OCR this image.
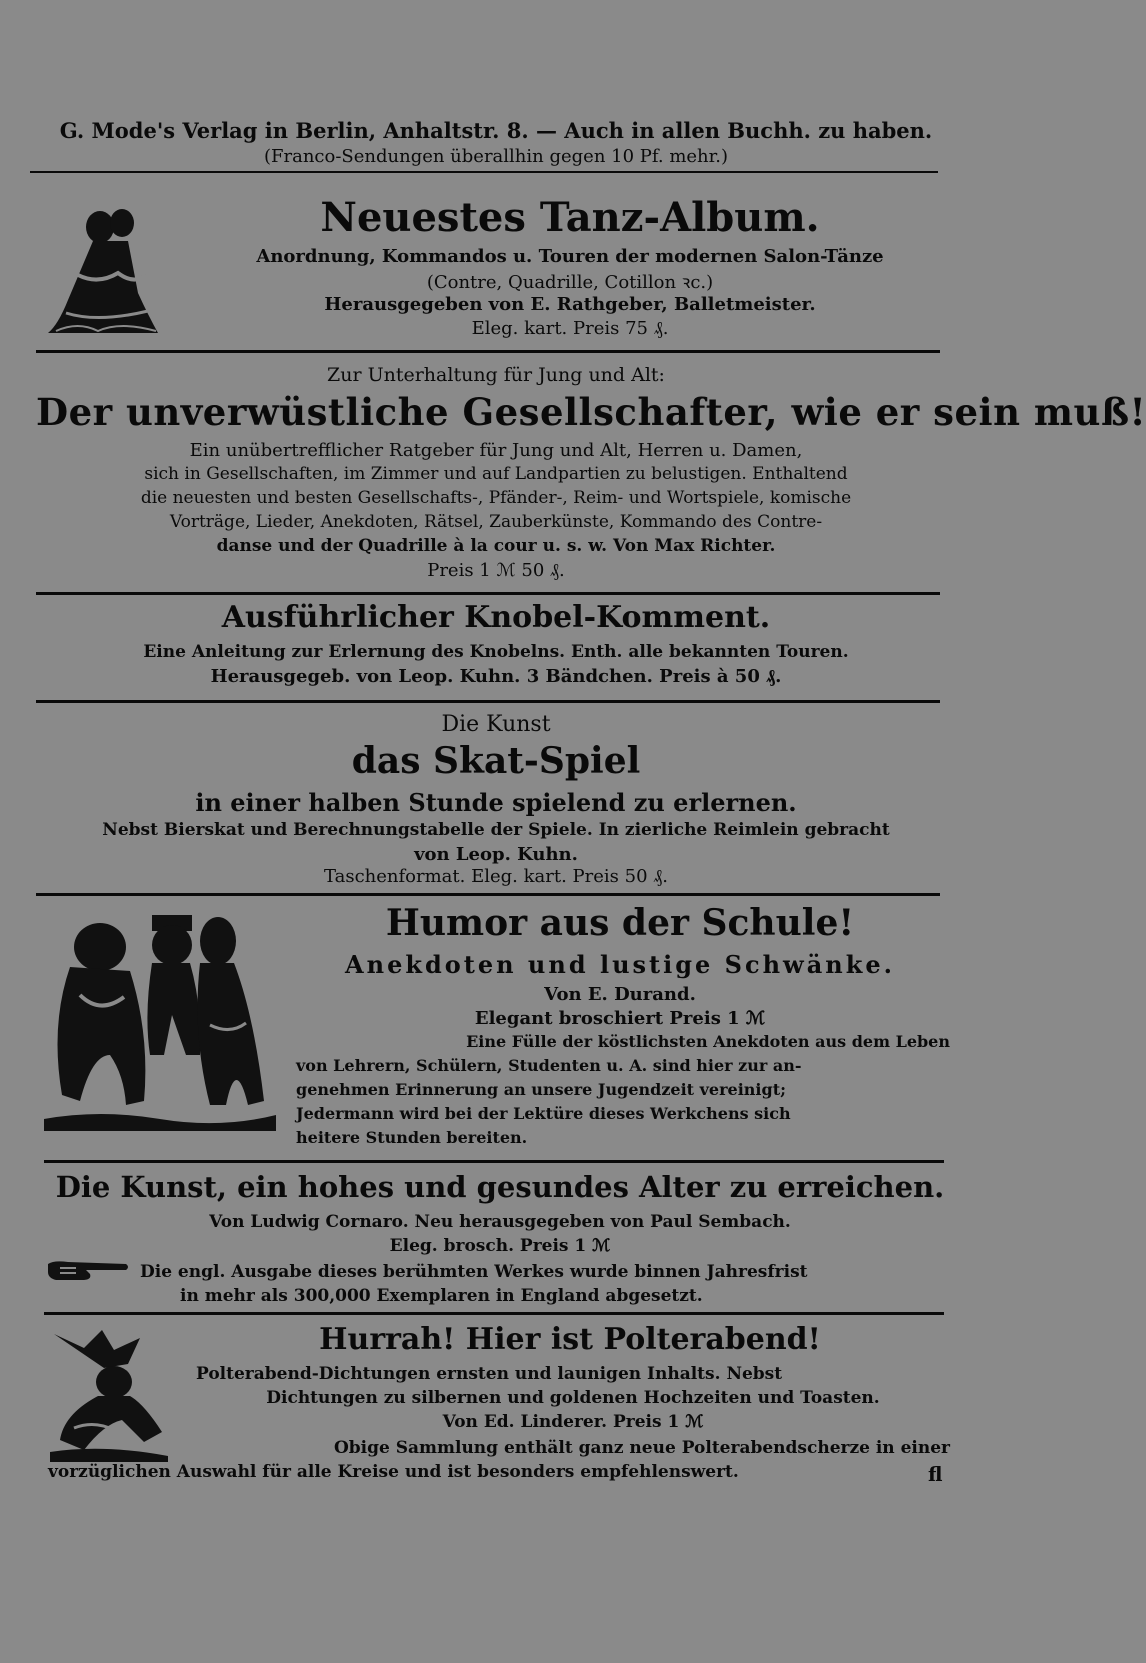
G. Mode's Verlag in Berlin, Anhaltstr. 8. — Auch in allen Buchh. zu haben.
(Franco-Sendungen überallhin gegen 10 Pf. mehr.)
Neuestes Tanz-Album.
Anordnung, Kommandos u. Touren der modernen Salon-Tänze
(Contre, Quadrille, Cotillon ꝛc.)
Herausgegeben von E. Rathgeber, Balletmeister.
Eleg. kart. Preis 75 ₰.
Zur Unterhaltung für Jung und Alt:
Der unverwüstliche Gesellschafter, wie er sein muß!
Ein unübertrefflicher Ratgeber für Jung und Alt, Herren u. Damen,
sich in Gesellschaften, im Zimmer und auf Landpartien zu belustigen. Enthaltend
die neuesten und besten Gesellschafts-, Pfänder-, Reim- und Wortspiele, komische
Vorträge, Lieder, Anekdoten, Rätsel, Zauberkünste, Kommando des Contre-
danse und der Quadrille à la cour u. s. w. Von Max Richter.
Preis 1 ℳ 50 ₰.
Ausführlicher Knobel-Komment.
Eine Anleitung zur Erlernung des Knobelns. Enth. alle bekannten Touren.
Herausgegeb. von Leop. Kuhn. 3 Bändchen. Preis à 50 ₰.
Die Kunst
das Skat-Spiel
in einer halben Stunde spielend zu erlernen.
Nebst Bierskat und Berechnungstabelle der Spiele. In zierliche Reimlein gebracht
von Leop. Kuhn.
Taschenformat. Eleg. kart. Preis 50 ₰.
Humor aus der Schule!
Anekdoten und lustige Schwänke.
Von E. Durand.
Elegant broschiert Preis 1 ℳ
Eine Fülle der köstlichsten Anekdoten aus dem Leben
von Lehrern, Schülern, Studenten u. A. sind hier zur an-
genehmen Erinnerung an unsere Jugendzeit vereinigt;
Jedermann wird bei der Lektüre dieses Werkchens sich
heitere Stunden bereiten.
Die Kunst, ein hohes und gesundes Alter zu erreichen.
Von Ludwig Cornaro. Neu herausgegeben von Paul Sembach.
Eleg. brosch. Preis 1 ℳ
Die engl. Ausgabe dieses berühmten Werkes wurde binnen Jahresfrist
in mehr als 300,000 Exemplaren in England abgesetzt.
Hurrah! Hier ist Polterabend!
Polterabend-Dichtungen ernsten und launigen Inhalts. Nebst
Dichtungen zu silbernen und goldenen Hochzeiten und Toasten.
Von Ed. Linderer. Preis 1 ℳ
Obige Sammlung enthält ganz neue Polterabendscherze in einer
vorzüglichen Auswahl für alle Kreise und ist besonders empfehlenswert.	fl
